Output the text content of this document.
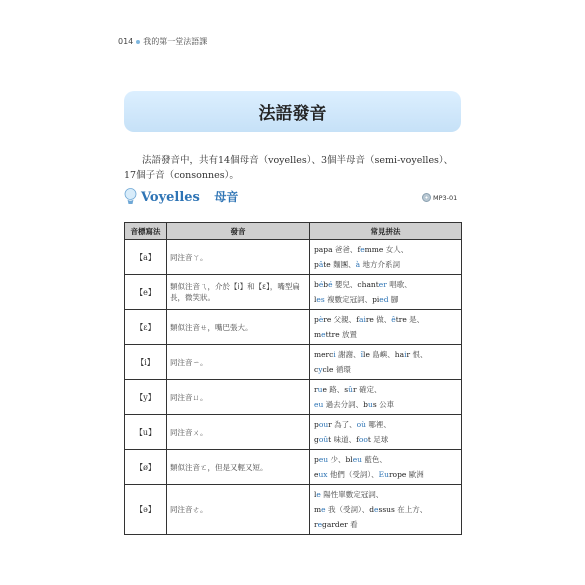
014 我的第一堂法語課
法語發音
法語發音中，共有14個母音（voyelles）、3個半母音（semi-voyelles）、17個子音（consonnes）。
Voyelles 母音	MP3-01
音標寫法	發音	常見拼法
【a】	同注音ㄚ。	papa 爸爸、femme 女人、
pâte 麵團、à 地方介系詞

【e】	類似注音ㄟ，介於【i】和【ɛ】，嘴型扁長，微笑狀。	bébé 嬰兒、chanter 唱歌、
les 複數定冠詞、pied 腳

【ɛ】	類似注音ㄝ，嘴巴張大。	père 父親、faire 做、être 是、
mettre 放置

【i】	同注音ㄧ。	merci 謝謝、île 島嶼、hair 恨、
cycle 循環

【y】	同注音ㄩ。	rue 路、sûr 確定、
eu 過去分詞、bus 公車

【u】	同注音ㄨ。	pour 為了、où 哪裡、
goût 味道、foot 足球

【ø】	類似注音ㄛ，但是又輕又短。	peu 少、bleu 藍色、
eux 他們（受詞）、Europe 歐洲

【ə】	同注音ㄜ。	le 陽性單數定冠詞、
me 我（受詞）、dessus 在上方、
regarder 看
